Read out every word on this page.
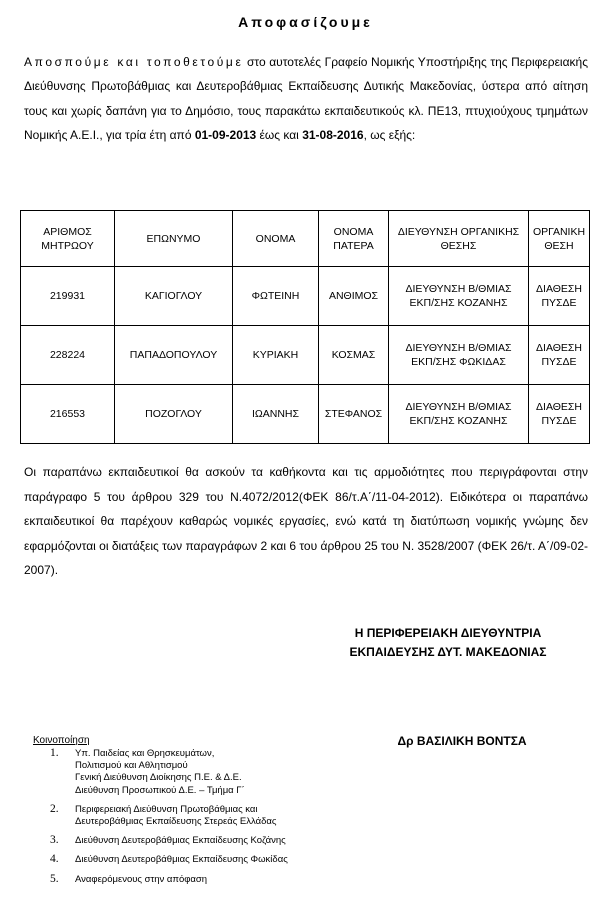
Αποφασίζουμε

Αποσπούμε και τοποθετούμε στο αυτοτελές Γραφείο Νομικής Υποστήριξης της Περιφερειακής Διεύθυνσης Πρωτοβάθμιας και Δευτεροβάθμιας Εκπαίδευσης Δυτικής Μακεδονίας, ύστερα από αίτηση τους και χωρίς δαπάνη για το Δημόσιο, τους παρακάτω εκπαιδευτικούς κλ. ΠΕ13, πτυχιούχους τμημάτων Νομικής Α.Ε.Ι., για τρία έτη από 01-09-2013 έως και 31-08-2016, ως εξής:

ΑΡΙΘΜΟΣ ΜΗΤΡΩΟΥ	ΕΠΩΝΥΜΟ	ΟΝΟΜΑ	ΟΝΟΜΑ ΠΑΤΕΡΑ	ΔΙΕΥΘΥΝΣΗ ΟΡΓΑΝΙΚΗΣ ΘΕΣΗΣ	ΟΡΓΑΝΙΚΗ ΘΕΣΗ
219931	ΚΑΓΙΟΓΛΟΥ	ΦΩΤΕΙΝΗ	ΑΝΘΙΜΟΣ	ΔΙΕΥΘΥΝΣΗ Β/ΘΜΙΑΣ ΕΚΠ/ΣΗΣ ΚΟΖΑΝΗΣ	ΔΙΑΘΕΣΗ ΠΥΣΔΕ
228224	ΠΑΠΑΔΟΠΟΥΛΟΥ	ΚΥΡΙΑΚΗ	ΚΟΣΜΑΣ	ΔΙΕΥΘΥΝΣΗ Β/ΘΜΙΑΣ ΕΚΠ/ΣΗΣ ΦΩΚΙΔΑΣ	ΔΙΑΘΕΣΗ ΠΥΣΔΕ
216553	ΠΟΖΟΓΛΟΥ	ΙΩΑΝΝΗΣ	ΣΤΕΦΑΝΟΣ	ΔΙΕΥΘΥΝΣΗ Β/ΘΜΙΑΣ ΕΚΠ/ΣΗΣ ΚΟΖΑΝΗΣ	ΔΙΑΘΕΣΗ ΠΥΣΔΕ

Οι παραπάνω εκπαιδευτικοί θα ασκούν τα καθήκοντα και τις αρμοδιότητες που περιγράφονται στην παράγραφο 5 του άρθρου 329 του Ν.4072/2012(ΦΕΚ 86/τ.Α΄/11-04-2012). Ειδικότερα οι παραπάνω εκπαιδευτικοί θα παρέχουν καθαρώς νομικές εργασίες, ενώ κατά τη διατύπωση νομικής γνώμης δεν εφαρμόζονται οι διατάξεις των παραγράφων 2 και 6 του άρθρου 25 του Ν. 3528/2007 (ΦΕΚ 26/τ. Α΄/09-02-2007).

Η ΠΕΡΙΦΕΡΕΙΑΚΗ ΔΙΕΥΘΥΝΤΡΙΑ
ΕΚΠΑΙΔΕΥΣΗΣ ΔΥΤ. ΜΑΚΕΔΟΝΙΑΣ
Δρ ΒΑΣΙΛΙΚΗ ΒΟΝΤΣΑ
Κοινοποίηση
1. Υπ. Παιδείας και Θρησκευμάτων,
Πολιτισμού και Αθλητισμού
Γενική Διεύθυνση Διοίκησης Π.Ε. & Δ.Ε.
Διεύθυνση Προσωπικού Δ.Ε. – Τμήμα Γ΄
2. Περιφερειακή Διεύθυνση Πρωτοβάθμιας και
Δευτεροβάθμιας Εκπαίδευσης Στερεάς Ελλάδας
3. Διεύθυνση Δευτεροβάθμιας Εκπαίδευσης Κοζάνης
4. Διεύθυνση Δευτεροβάθμιας Εκπαίδευσης Φωκίδας
5. Αναφερόμενους στην απόφαση
